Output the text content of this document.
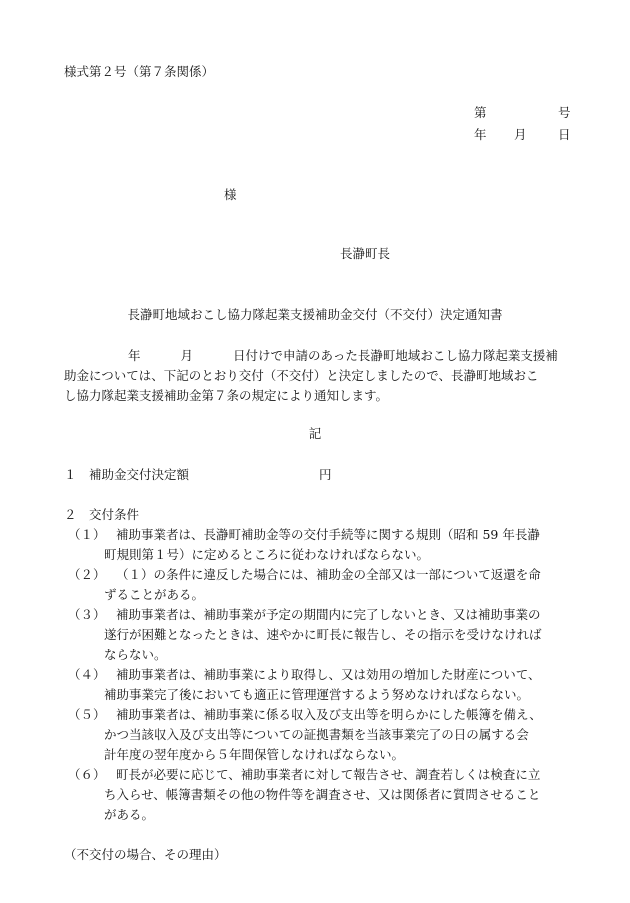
様式第２号（第７条関係）
第	号
年 月	日
様
長瀞町長
長瀞町地域おこし協力隊起業支援補助金交付（不交付）決定通知書

年	月	日付けで申請のあった長瀞町地域おこし協力隊起業支援補

助金については、下記のとおり交付（不交付）と決定しましたので、長瀞町地域おこ

し協力隊起業支援補助金第７条の規定により通知します。

記
１　補助金交付決定額	円
２　交付条件
（１） 補助事業者は、長瀞町補助金等の交付手続等に関する規則（昭和 59 年長瀞

町規則第１号）に定めるところに従わなければならない。

（２） （１）の条件に違反した場合には、補助金の全部又は一部について返還を命

ずることがある。

（３） 補助事業者は、補助事業が予定の期間内に完了しないとき、又は補助事業の

遂行が困難となったときは、速やかに町長に報告し、その指示を受けなければ

ならない。

（４） 補助事業者は、補助事業により取得し、又は効用の増加した財産について、

補助事業完了後においても適正に管理運営するよう努めなければならない。

（５） 補助事業者は、補助事業に係る収入及び支出等を明らかにした帳簿を備え、

かつ当該収入及び支出等についての証拠書類を当該事業完了の日の属する会

計年度の翌年度から５年間保管しなければならない。

（６） 町長が必要に応じて、補助事業者に対して報告させ、調査若しくは検査に立

ち入らせ、帳簿書類その他の物件等を調査させ、又は関係者に質問させること

がある。

（不交付の場合、その理由）
